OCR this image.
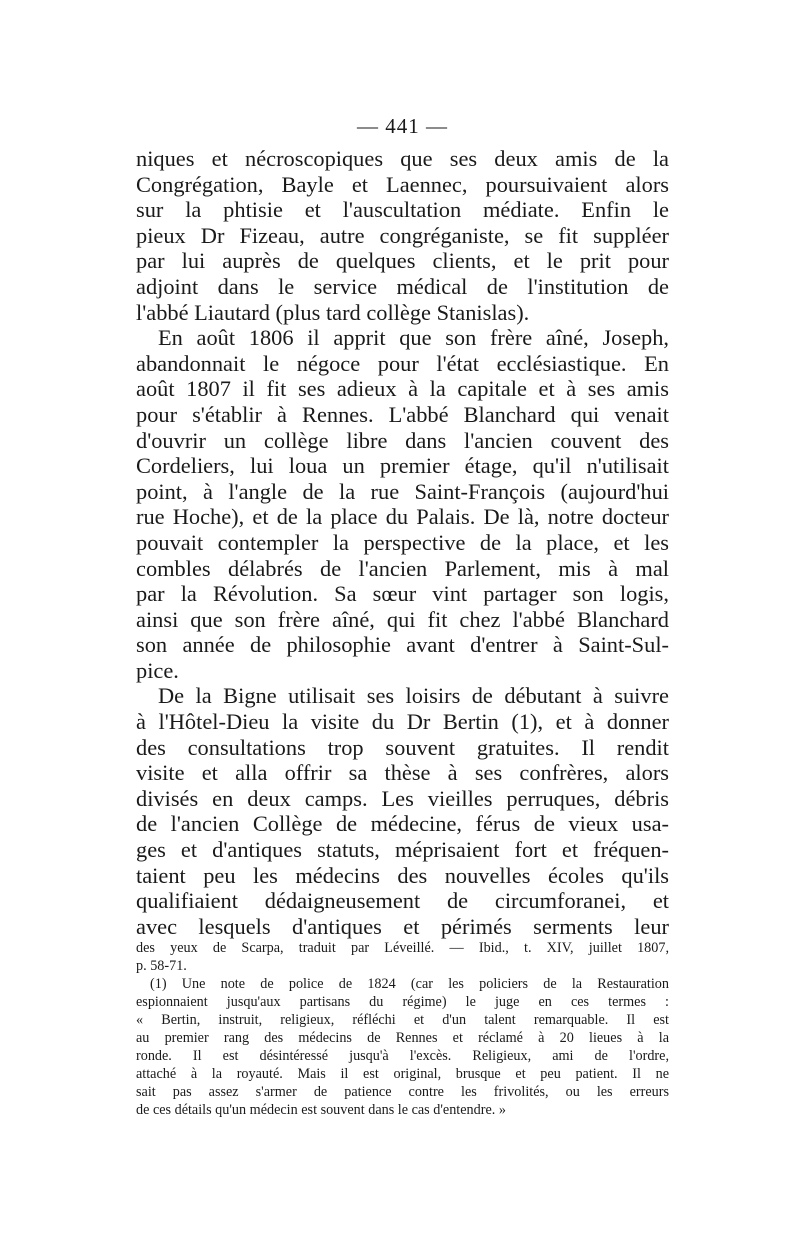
— 441 —
niques et nécroscopiques que ses deux amis de la
Congrégation, Bayle et Laennec, poursuivaient alors
sur la phtisie et l'auscultation médiate. Enfin le
pieux Dr Fizeau, autre congréganiste, se fit suppléer
par lui auprès de quelques clients, et le prit pour
adjoint dans le service médical de l'institution de
l'abbé Liautard (plus tard collège Stanislas).
En août 1806 il apprit que son frère aîné, Joseph,
abandonnait le négoce pour l'état ecclésiastique. En
août 1807 il fit ses adieux à la capitale et à ses amis
pour s'établir à Rennes. L'abbé Blanchard qui venait
d'ouvrir un collège libre dans l'ancien couvent des
Cordeliers, lui loua un premier étage, qu'il n'utilisait
point, à l'angle de la rue Saint-François (aujourd'hui
rue Hoche), et de la place du Palais. De là, notre docteur
pouvait contempler la perspective de la place, et les
combles délabrés de l'ancien Parlement, mis à mal
par la Révolution. Sa sœur vint partager son logis,
ainsi que son frère aîné, qui fit chez l'abbé Blanchard
son année de philosophie avant d'entrer à Saint-Sul-
pice.
De la Bigne utilisait ses loisirs de débutant à suivre
à l'Hôtel-Dieu la visite du Dr Bertin (1), et à donner
des consultations trop souvent gratuites. Il rendit
visite et alla offrir sa thèse à ses confrères, alors
divisés en deux camps. Les vieilles perruques, débris
de l'ancien Collège de médecine, férus de vieux usa-
ges et d'antiques statuts, méprisaient fort et fréquen-
taient peu les médecins des nouvelles écoles qu'ils
qualifiaient dédaigneusement de circumforanei, et
avec lesquels d'antiques et périmés serments leur
des yeux de Scarpa, traduit par Léveillé. — Ibid., t. XIV, juillet 1807,
p. 58-71.
(1) Une note de police de 1824 (car les policiers de la Restauration
espionnaient jusqu'aux partisans du régime) le juge en ces termes :
« Bertin, instruit, religieux, réfléchi et d'un talent remarquable. Il est
au premier rang des médecins de Rennes et réclamé à 20 lieues à la
ronde. Il est désintéressé jusqu'à l'excès. Religieux, ami de l'ordre,
attaché à la royauté. Mais il est original, brusque et peu patient. Il ne
sait pas assez s'armer de patience contre les frivolités, ou les erreurs
de ces détails qu'un médecin est souvent dans le cas d'entendre. »
